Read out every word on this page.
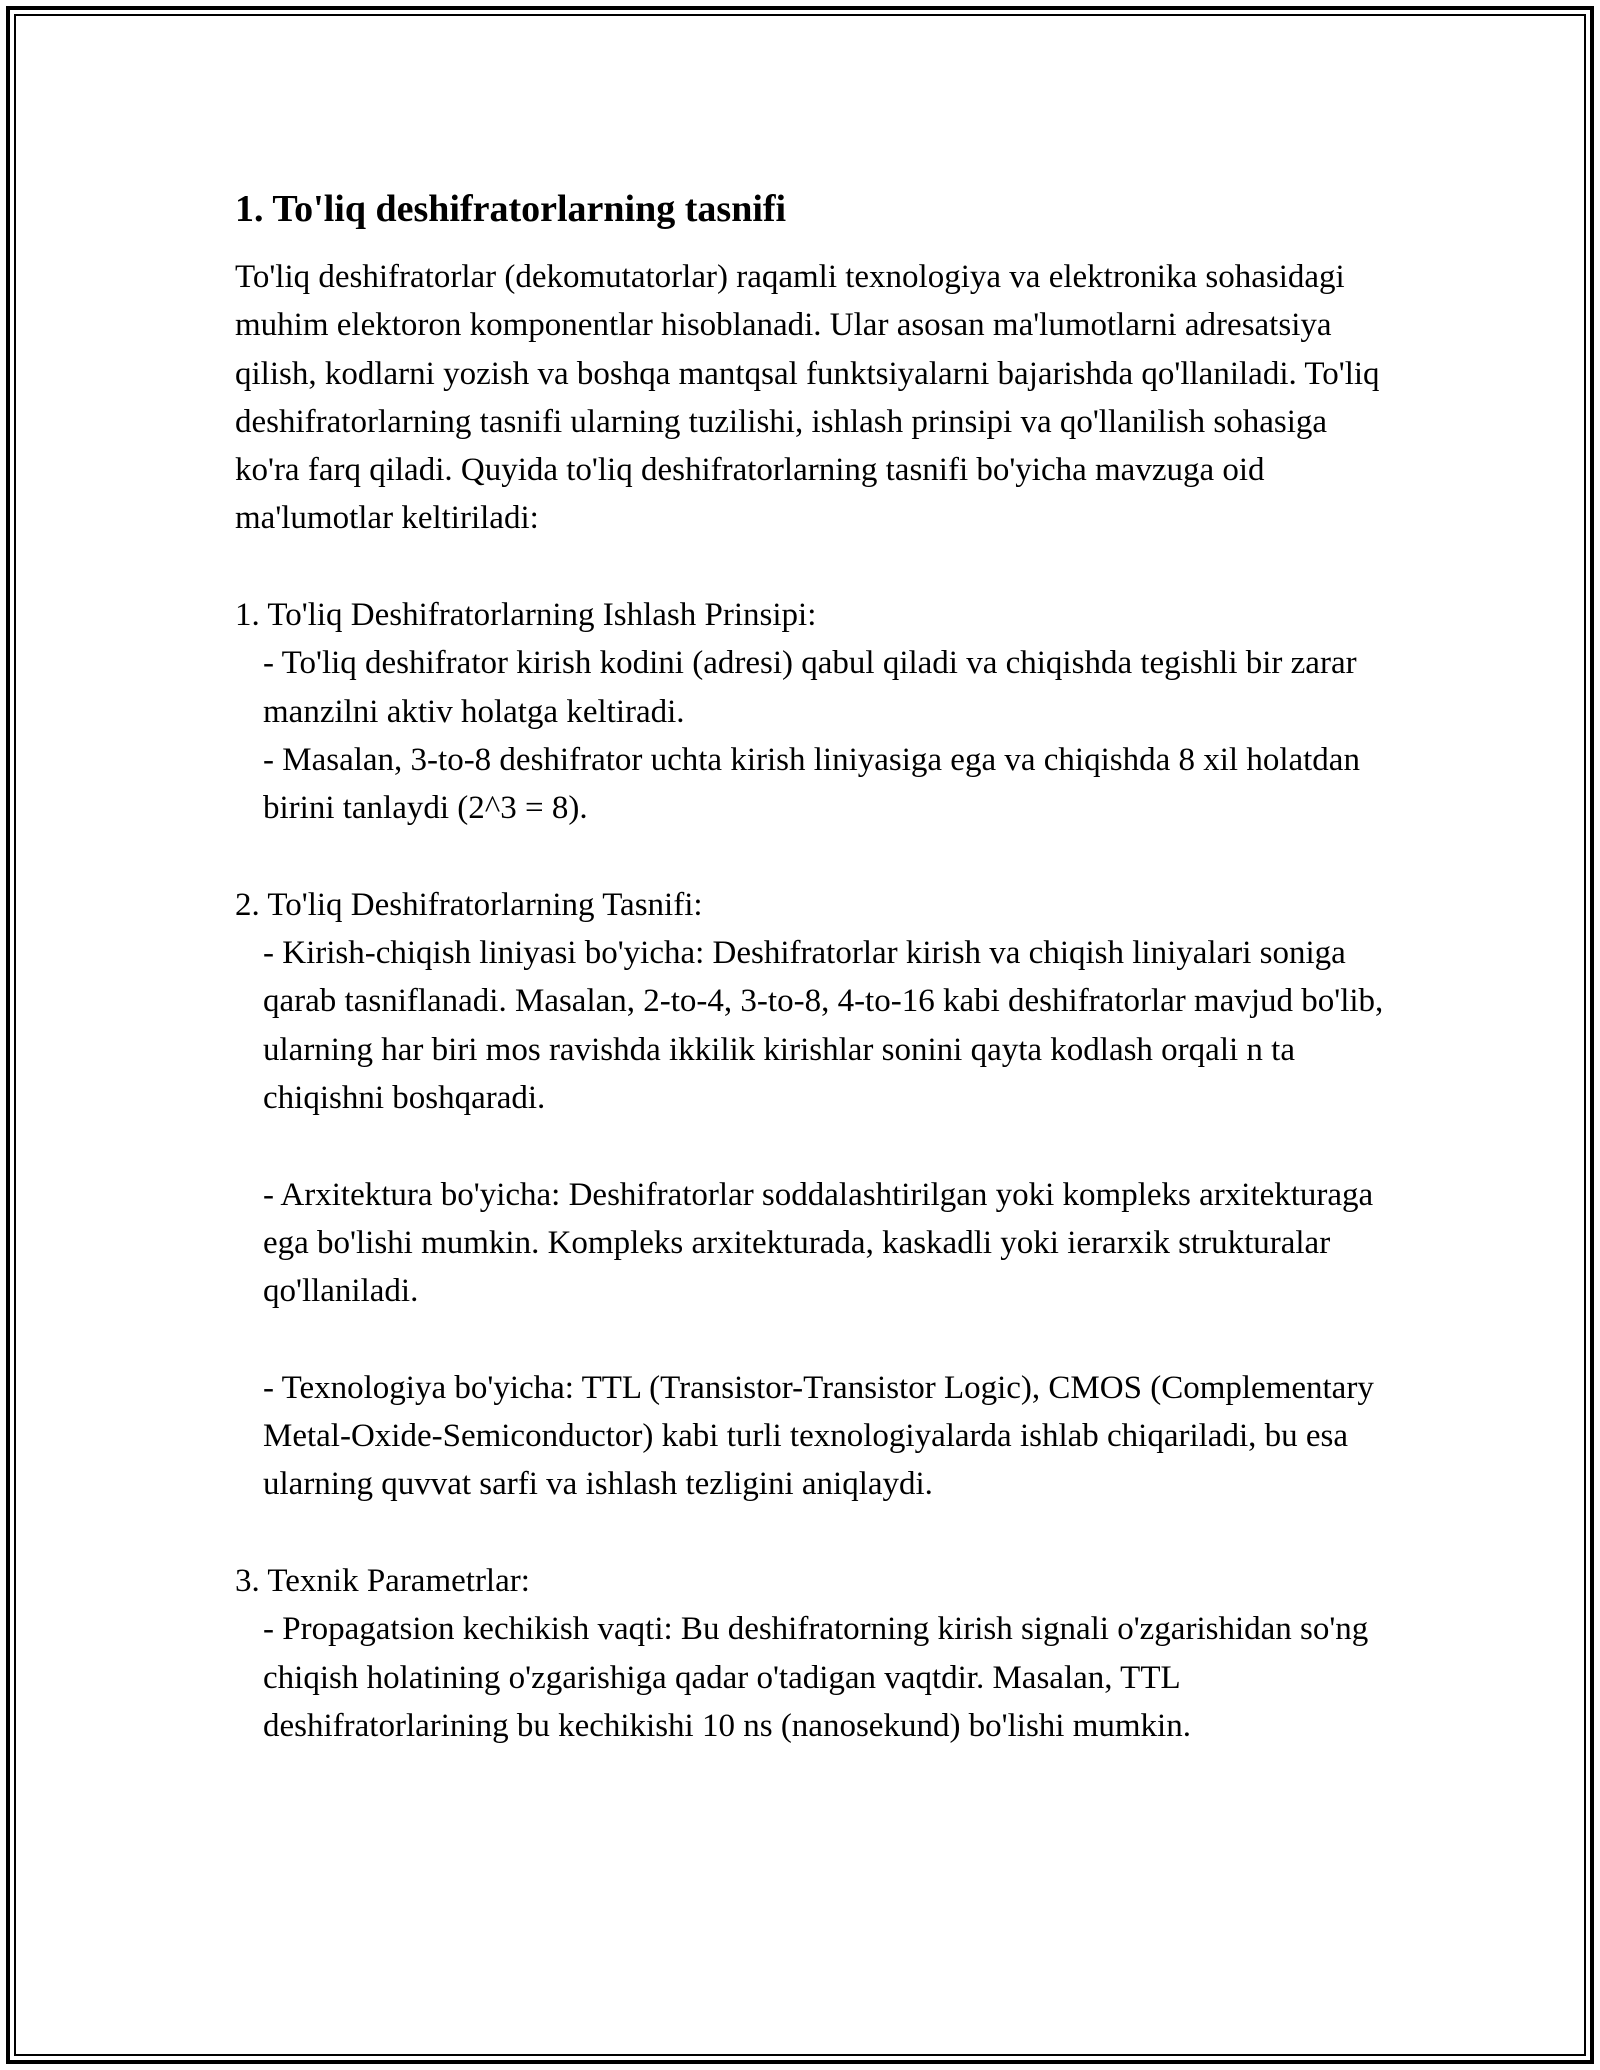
1. To'liq deshifratorlarning tasnifi

To'liq deshifratorlar (dekomutatorlar) raqamli texnologiya va elektronika sohasidagi muhim elektoron komponentlar hisoblanadi. Ular asosan ma'lumotlarni adresatsiya qilish, kodlarni yozish va boshqa mantqsal funktsiyalarni bajarishda qo'llaniladi. To'liq deshifratorlarning tasnifi ularning tuzilishi, ishlash prinsipi va qo'llanilish sohasiga ko'ra farq qiladi. Quyida to'liq deshifratorlarning tasnifi bo'yicha mavzuga oid ma'lumotlar keltiriladi:

1. To'liq Deshifratorlarning Ishlash Prinsipi:

- To'liq deshifrator kirish kodini (adresi) qabul qiladi va chiqishda tegishli bir zarar manzilni aktiv holatga keltiradi.

- Masalan, 3-to-8 deshifrator uchta kirish liniyasiga ega va chiqishda 8 xil holatdan birini tanlaydi (2^3 = 8).

2. To'liq Deshifratorlarning Tasnifi:

- Kirish-chiqish liniyasi bo'yicha: Deshifratorlar kirish va chiqish liniyalari soniga qarab tasniflanadi. Masalan, 2-to-4, 3-to-8, 4-to-16 kabi deshifratorlar mavjud bo'lib, ularning har biri mos ravishda ikkilik kirishlar sonini qayta kodlash orqali n ta chiqishni boshqaradi.

- Arxitektura bo'yicha: Deshifratorlar soddalashtirilgan yoki kompleks arxitekturaga ega bo'lishi mumkin. Kompleks arxitekturada, kaskadli yoki ierarxik strukturalar qo'llaniladi.

- Texnologiya bo'yicha: TTL (Transistor-Transistor Logic), CMOS (Complementary Metal-Oxide-Semiconductor) kabi turli texnologiyalarda ishlab chiqariladi, bu esa ularning quvvat sarfi va ishlash tezligini aniqlaydi.

3. Texnik Parametrlar:

- Propagatsion kechikish vaqti: Bu deshifratorning kirish signali o'zgarishidan so'ng chiqish holatining o'zgarishiga qadar o'tadigan vaqtdir. Masalan, TTL deshifratorlarining bu kechikishi 10 ns (nanosekund) bo'lishi mumkin.
